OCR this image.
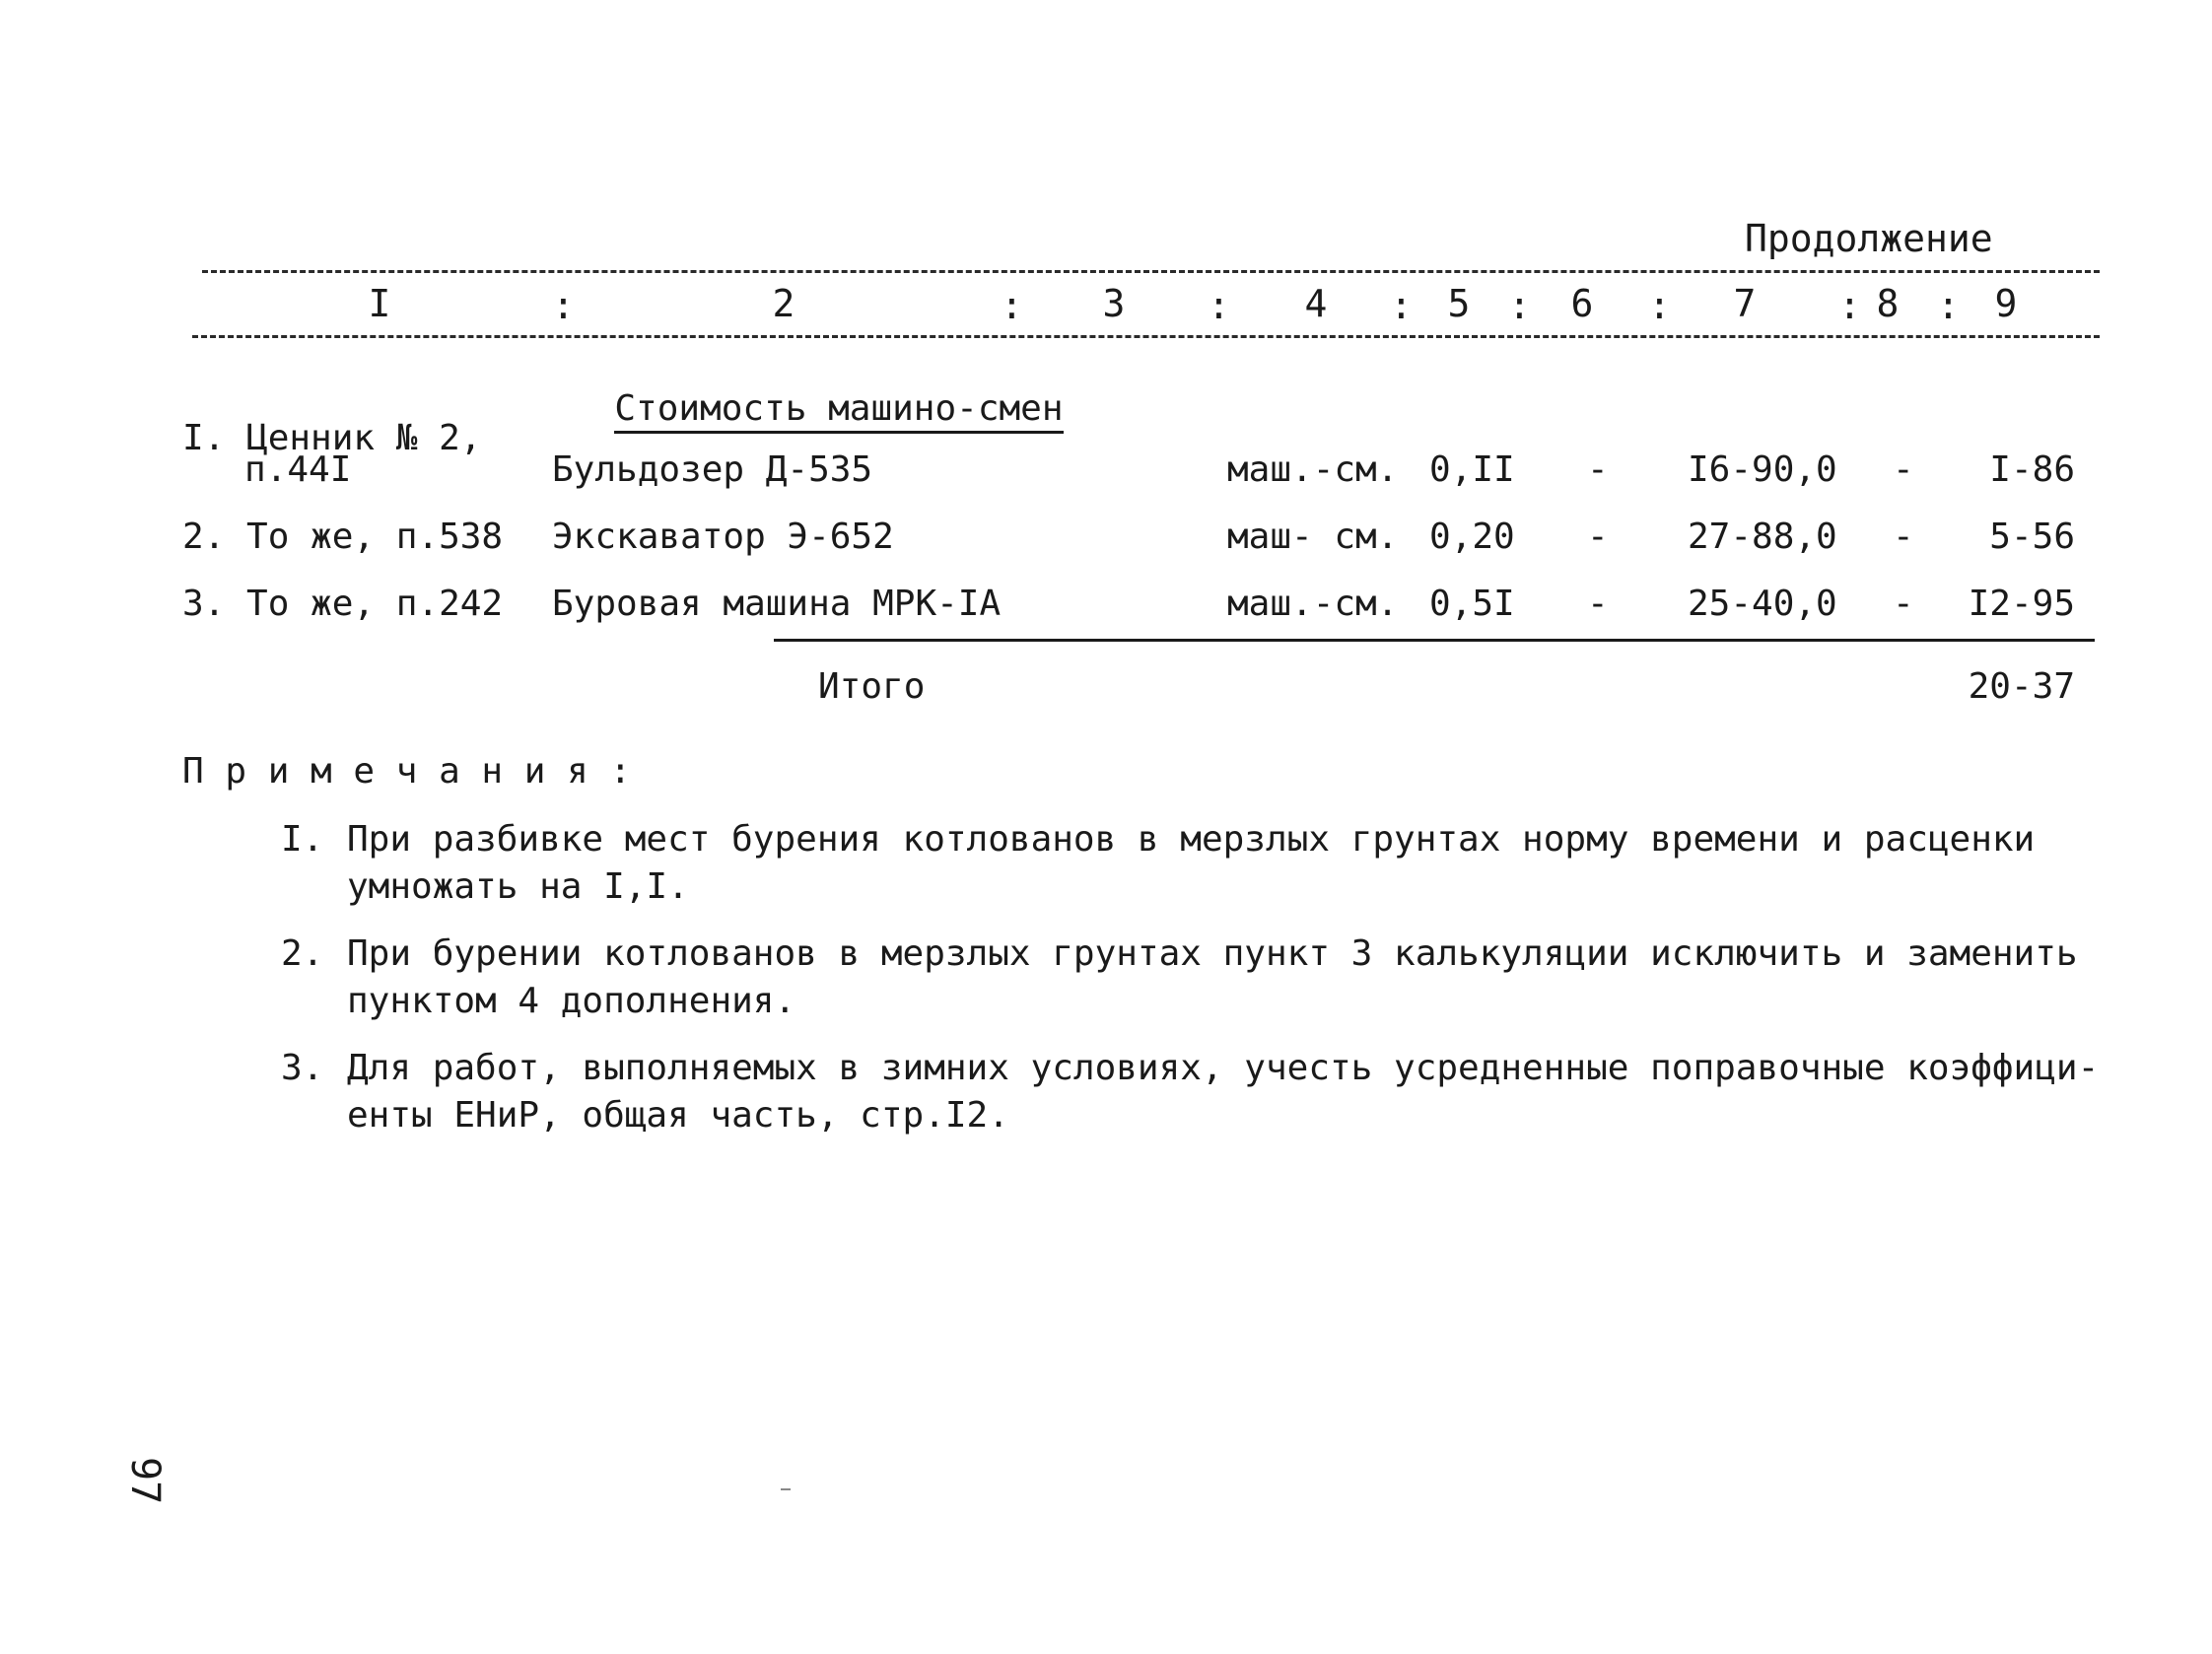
Продолжение
I	:	2	:	3	:	4	: 5	:	6	:	7	: 8	: 9

Стоимость машино-смен

I. Ценник № 2,
п.44I	Бульдозер Д-535	маш.-см. 0,II - I6-90,0 -	I-86
2. То же, п.538 Экскаватор Э-652	маш- см. 0,20 - 27-88,0 -	5-56
3. То же, п.242 Буровая машина МРК-IA	маш.-см. 0,5I - 25-40,0 -	I2-95
Итого	20-37
П р и м е ч а н и я :
I. При разбивке мест бурения котлованов в мерзлых грунтах норму времени и расценки
умножать на I,I.
2. При бурении котлованов в мерзлых грунтах пункт 3 калькуляции исключить и заменить
пунктом 4 дополнения.
3. Для работ, выполняемых в зимних условиях, учесть усредненные поправочные коэффици-
енты ЕНиР, общая часть, стр.I2.
97
